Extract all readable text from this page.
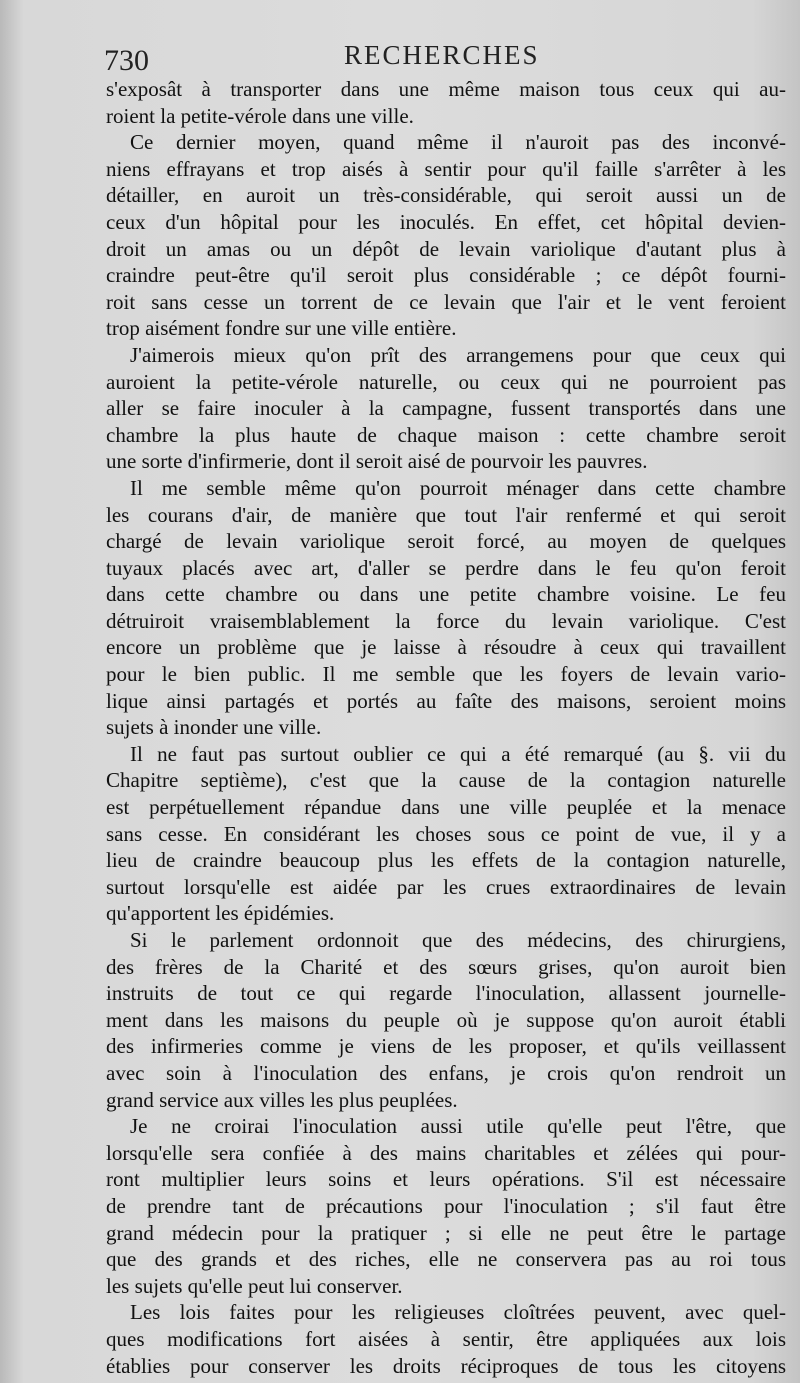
730	RECHERCHES
s'exposât à transporter dans une même maison tous ceux qui au-
roient la petite-vérole dans une ville.
Ce dernier moyen, quand même il n'auroit pas des inconvé-
niens effrayans et trop aisés à sentir pour qu'il faille s'arrêter à les
détailler, en auroit un très-considérable, qui seroit aussi un de
ceux d'un hôpital pour les inoculés. En effet, cet hôpital devien-
droit un amas ou un dépôt de levain variolique d'autant plus à
craindre peut-être qu'il seroit plus considérable ; ce dépôt fourni-
roit sans cesse un torrent de ce levain que l'air et le vent feroient
trop aisément fondre sur une ville entière.
J'aimerois mieux qu'on prît des arrangemens pour que ceux qui
auroient la petite-vérole naturelle, ou ceux qui ne pourroient pas
aller se faire inoculer à la campagne, fussent transportés dans une
chambre la plus haute de chaque maison : cette chambre seroit
une sorte d'infirmerie, dont il seroit aisé de pourvoir les pauvres.
Il me semble même qu'on pourroit ménager dans cette chambre
les courans d'air, de manière que tout l'air renfermé et qui seroit
chargé de levain variolique seroit forcé, au moyen de quelques
tuyaux placés avec art, d'aller se perdre dans le feu qu'on feroit
dans cette chambre ou dans une petite chambre voisine. Le feu
détruiroit vraisemblablement la force du levain variolique. C'est
encore un problème que je laisse à résoudre à ceux qui travaillent
pour le bien public. Il me semble que les foyers de levain vario-
lique ainsi partagés et portés au faîte des maisons, seroient moins
sujets à inonder une ville.
Il ne faut pas surtout oublier ce qui a été remarqué (au §. vii du
Chapitre septième), c'est que la cause de la contagion naturelle
est perpétuellement répandue dans une ville peuplée et la menace
sans cesse. En considérant les choses sous ce point de vue, il y a
lieu de craindre beaucoup plus les effets de la contagion naturelle,
surtout lorsqu'elle est aidée par les crues extraordinaires de levain
qu'apportent les épidémies.
Si le parlement ordonnoit que des médecins, des chirurgiens,
des frères de la Charité et des sœurs grises, qu'on auroit bien
instruits de tout ce qui regarde l'inoculation, allassent journelle-
ment dans les maisons du peuple où je suppose qu'on auroit établi
des infirmeries comme je viens de les proposer, et qu'ils veillassent
avec soin à l'inoculation des enfans, je crois qu'on rendroit un
grand service aux villes les plus peuplées.
Je ne croirai l'inoculation aussi utile qu'elle peut l'être, que
lorsqu'elle sera confiée à des mains charitables et zélées qui pour-
ront multiplier leurs soins et leurs opérations. S'il est nécessaire
de prendre tant de précautions pour l'inoculation ; s'il faut être
grand médecin pour la pratiquer ; si elle ne peut être le partage
que des grands et des riches, elle ne conservera pas au roi tous
les sujets qu'elle peut lui conserver.
Les lois faites pour les religieuses cloîtrées peuvent, avec quel-
ques modifications fort aisées à sentir, être appliquées aux lois
établies pour conserver les droits réciproques de tous les citoyens
